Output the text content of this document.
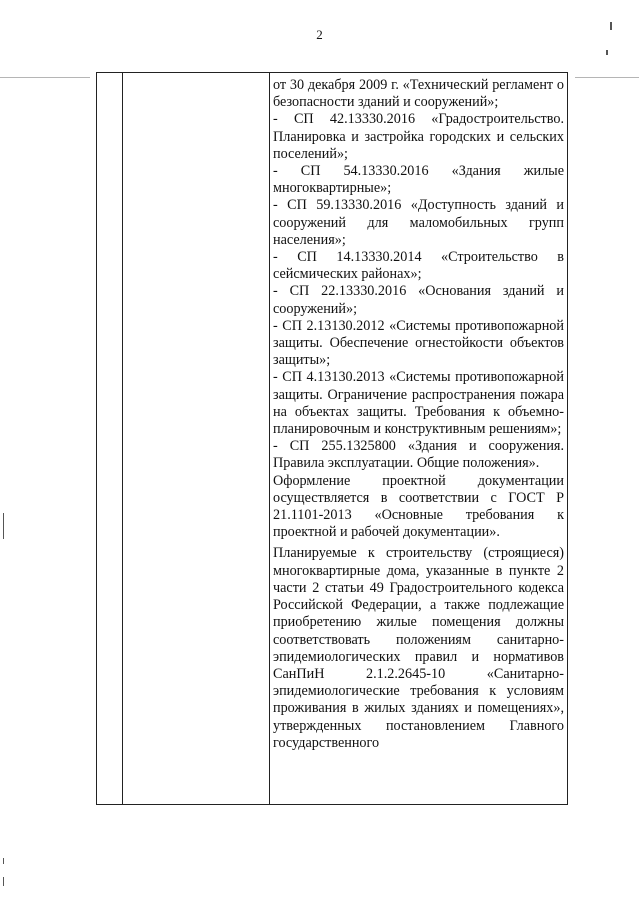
2

от 30 декабря 2009 г. «Технический регламент о безопасности зданий и сооружений»;

- СП 42.13330.2016 «Градостроительство. Планировка и застройка городских и сельских поселений»;

- СП 54.13330.2016 «Здания жилые многоквартирные»;

- СП 59.13330.2016 «Доступность зданий и сооружений для маломобильных групп населения»;

- СП 14.13330.2014 «Строительство в сейсмических районах»;

- СП 22.13330.2016 «Основания зданий и сооружений»;

- СП 2.13130.2012 «Системы противопожарной защиты. Обеспечение огнестойкости объектов защиты»;

- СП 4.13130.2013 «Системы противопожарной защиты. Ограничение распространения пожара на объектах защиты. Требования к объемно-планировочным и конструктивным решениям»;

- СП 255.1325800 «Здания и сооружения. Правила эксплуатации. Общие положения».

Оформление проектной документации осуществляется в соответствии с ГОСТ Р 21.1101-2013 «Основные требования к проектной и рабочей документации».

Планируемые к строительству (строящиеся) многоквартирные дома, указанные в пункте 2 части 2 статьи 49 Градостроительного кодекса Российской Федерации, а также подлежащие приобретению жилые помещения должны соответствовать положениям санитарно-эпидемиологических правил и нормативов СанПиН 2.1.2.2645-10 «Санитарно-эпидемиологические требования к условиям проживания в жилых зданиях и помещениях», утвержденных постановлением Главного государственного
